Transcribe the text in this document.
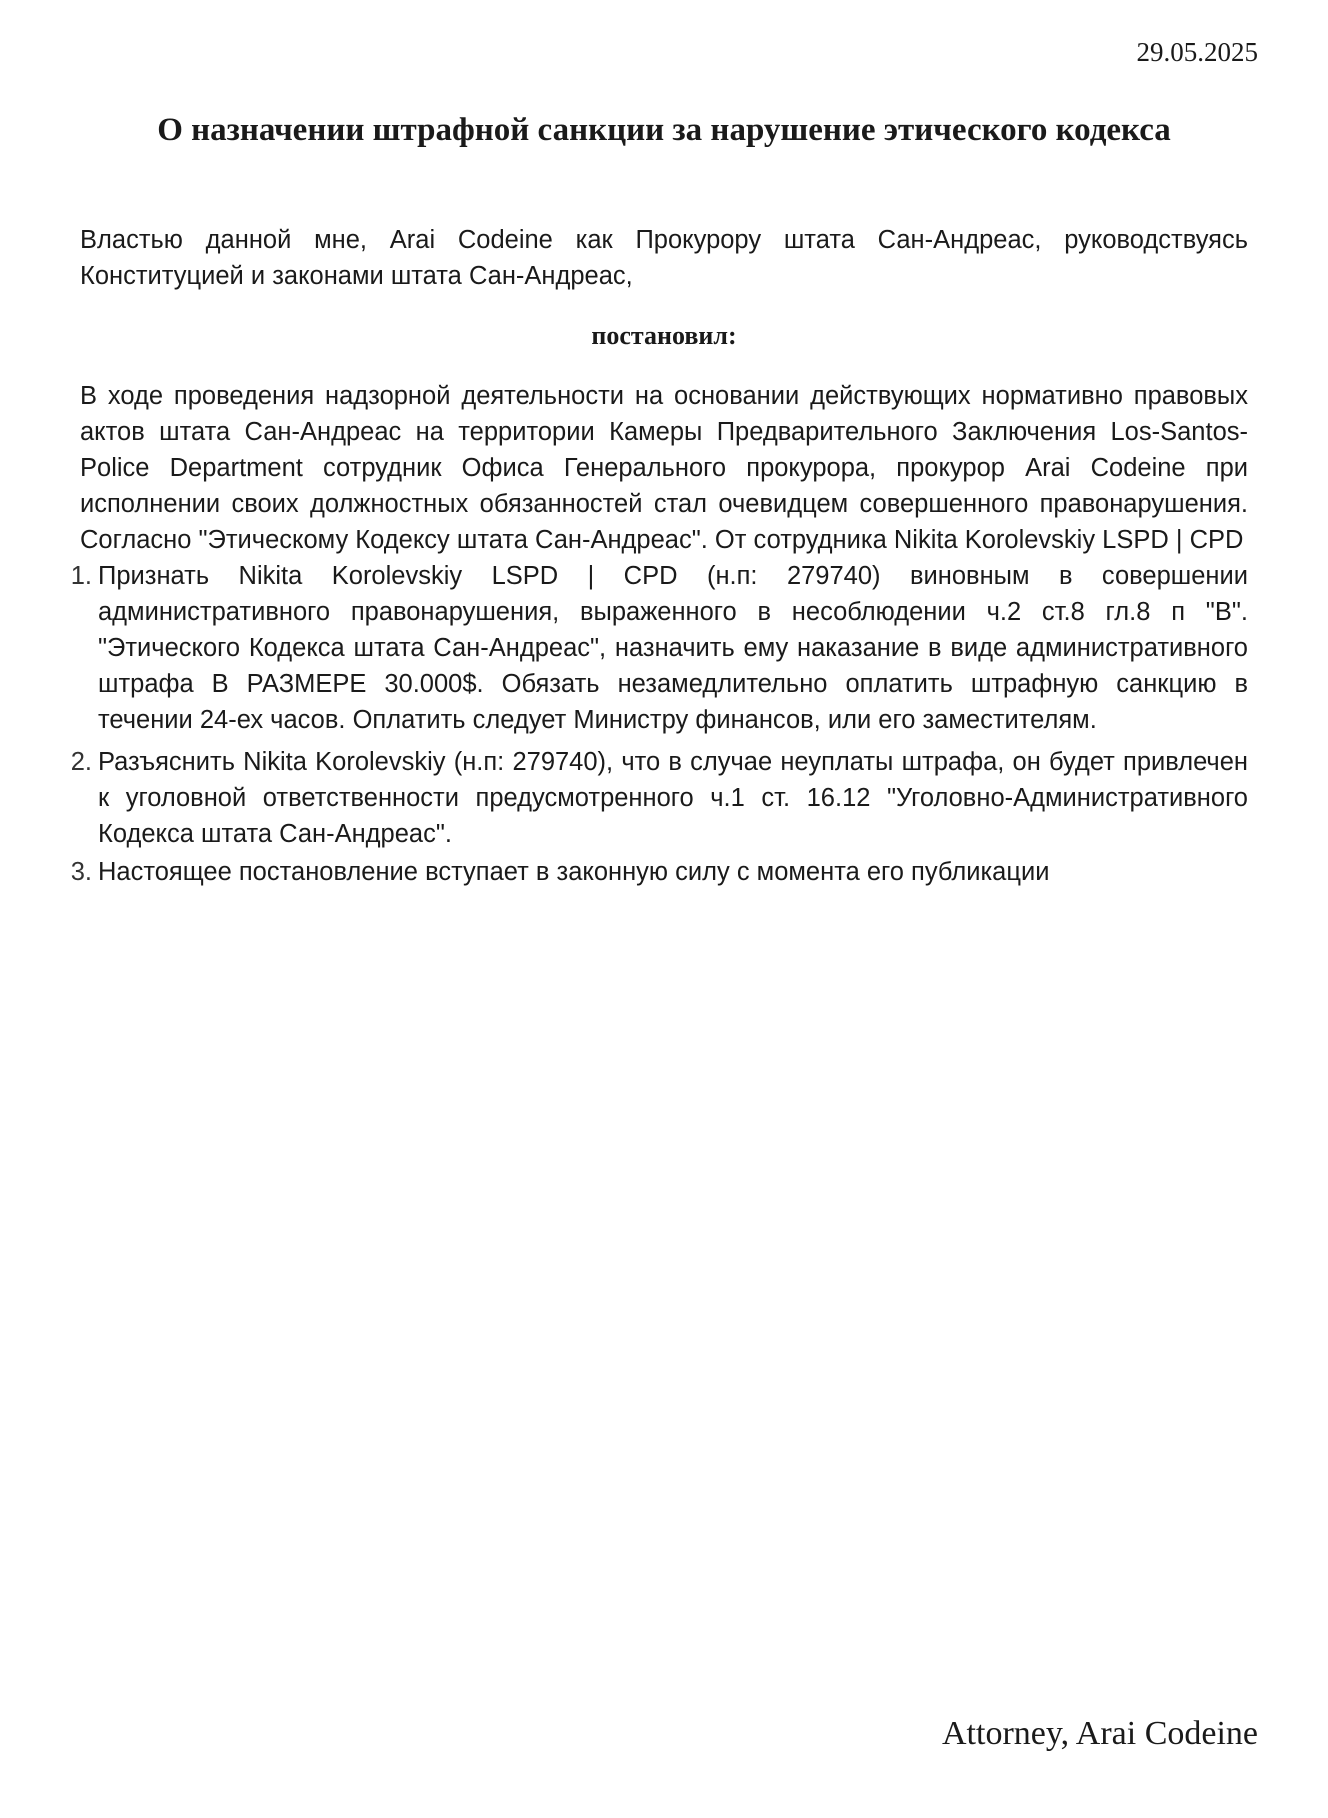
29.05.2025
О назначении штрафной санкции за нарушение этического кодекса

Властью данной мне, Arai Codeine как Прокурору штата Сан-Андреас, руководствуясь Конституцией и законами штата Сан-Андреас,

постановил:

В ходе проведения надзорной деятельности на основании действующих нормативно правовых актов штата Сан-Андреас на территории Камеры Предварительного Заключения Los-Santos-Police Department сотрудник Офиса Генерального прокурора, прокурор Arai Codeine при исполнении своих должностных обязанностей стал очевидцем совершенного правонарушения. Согласно "Этическому Кодексу штата Сан-Андреас". От сотрудника Nikita Korolevskiy LSPD | CPD

1. Признать Nikita Korolevskiy LSPD | CPD (н.п: 279740) виновным в совершении административного правонарушения, выраженного в несоблюдении ч.2 ст.8 гл.8 п "В". "Этического Кодекса штата Сан-Андреас", назначить ему наказание в виде административного штрафа В РАЗМЕРЕ 30.000$. Обязать незамедлительно оплатить штрафную санкцию в течении 24-ех часов. Оплатить следует Министру финансов, или его заместителям.
2. Разъяснить Nikita Korolevskiy (н.п: 279740), что в случае неуплаты штрафа, он будет привлечен к уголовной ответственности предусмотренного ч.1 ст. 16.12 "Уголовно-Административного Кодекса штата Сан-Андреас".
3. Настоящее постановление вступает в законную силу с момента его публикации
Attorney, Arai Codeine
